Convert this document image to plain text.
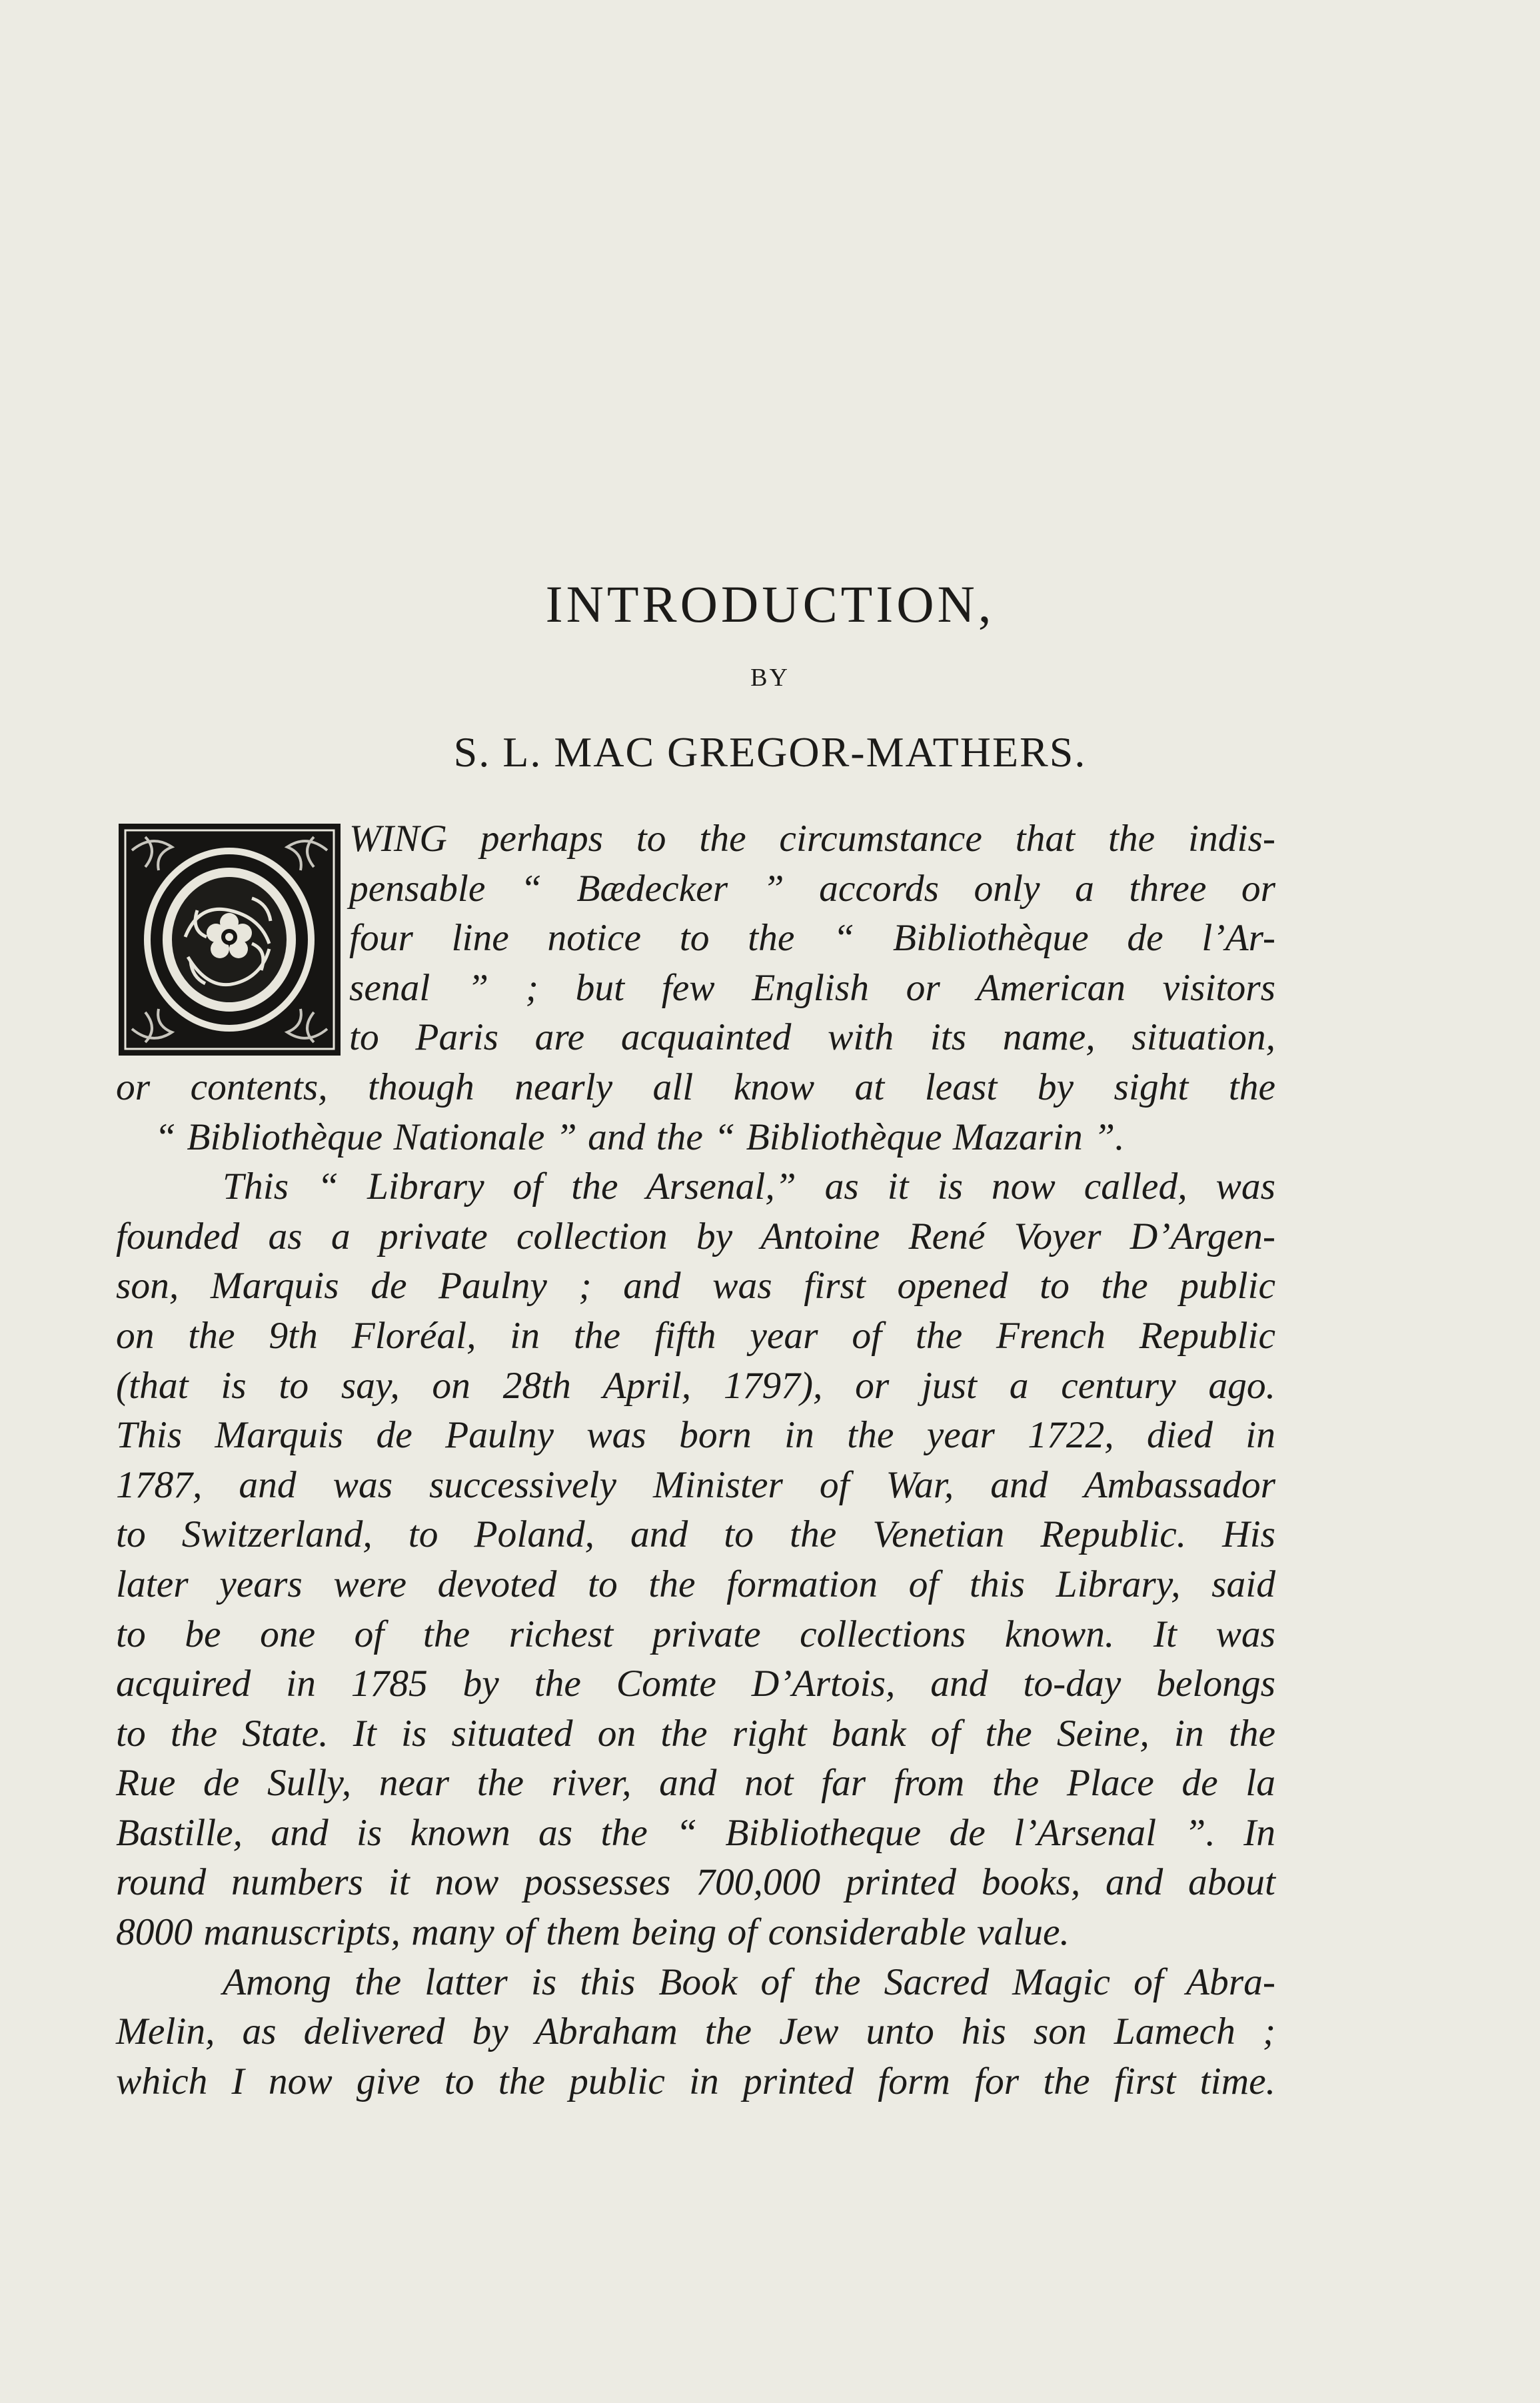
INTRODUCTION,
BY
S. L. MAC GREGOR-MATHERS.
WING perhaps to the circumstance that the indis-
pensable “ Bædecker ” accords only a three or
four line notice to the “ Bibliothèque de l’Ar-
senal ” ; but few English or American visitors
to Paris are acquainted with its name, situation,
or contents, though nearly all know at least by sight the
“ Bibliothèque Nationale ” and the “ Bibliothèque Mazarin ”.
This “ Library of the Arsenal,” as it is now called, was
founded as a private collection by Antoine René Voyer D’Argen-
son, Marquis de Paulny ; and was first opened to the public
on the 9th Floréal, in the fifth year of the French Republic
(that is to say, on 28th April, 1797), or just a century ago.
This Marquis de Paulny was born in the year 1722, died in
1787, and was successively Minister of War, and Ambassador
to Switzerland, to Poland, and to the Venetian Republic. His
later years were devoted to the formation of this Library, said
to be one of the richest private collections known. It was
acquired in 1785 by the Comte D’Artois, and to-day belongs
to the State. It is situated on the right bank of the Seine, in the
Rue de Sully, near the river, and not far from the Place de la
Bastille, and is known as the “ Bibliotheque de l’Arsenal ”. In
round numbers it now possesses 700,000 printed books, and about
8000 manuscripts, many of them being of considerable value.
Among the latter is this Book of the Sacred Magic of Abra-
Melin, as delivered by Abraham the Jew unto his son Lamech ;
which I now give to the public in printed form for the first time.
